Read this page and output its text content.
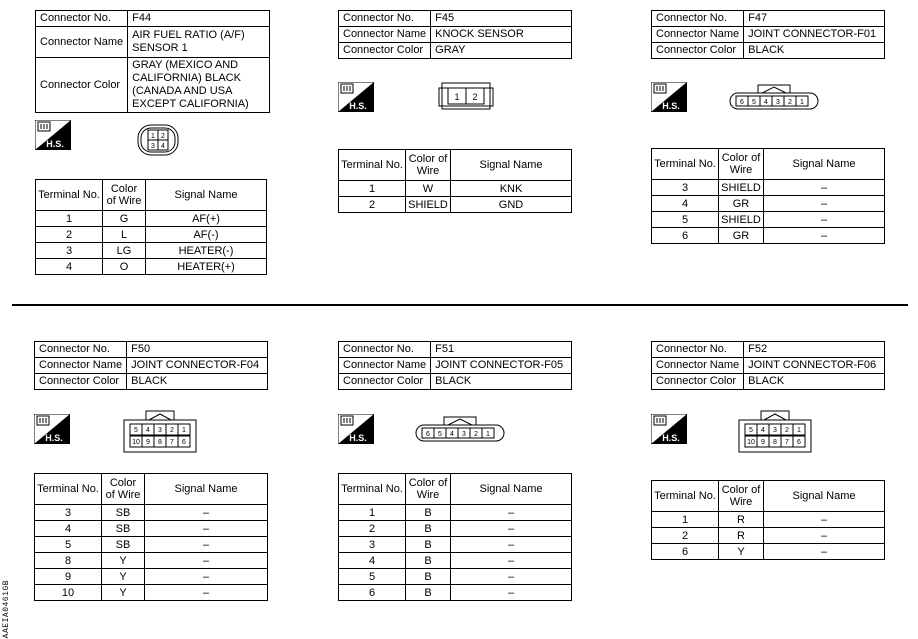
Connector No.	F44
Connector Name	AIR FUEL RATIO (A/F) SENSOR 1
Connector Color	GRAY (MEXICO AND CALIFORNIA) BLACK (CANADA AND USA EXCEPT CALIFORNIA)
H.S.
1 2
3 4
Terminal No.	Color of Wire	Signal Name
1	G	AF(+)
2	L	AF(-)
3	LG	HEATER(-)
4	O	HEATER(+)
Connector No.	F45
Connector Name	KNOCK SENSOR
Connector Color	GRAY
H.S.
1 2
Terminal No.	Color of Wire	Signal Name
1	W	KNK
2	SHIELD	GND
Connector No.	F47
Connector Name	JOINT CONNECTOR-F01
Connector Color	BLACK
H.S.	6 5 4 3 2 1
Terminal No.	Color of Wire	Signal Name
3	SHIELD	–
4	GR	–
5	SHIELD	–
6	GR	–
Connector No.	F50
Connector Name	JOINT CONNECTOR-F04
Connector Color	BLACK
H.S.
5 4 3 2 1
10 9 8 7 6
Terminal No.	Color of Wire	Signal Name
3	SB	–
4	SB	–
5	SB	–
8	Y	–
9	Y	–
10	Y	–
Connector No.	F51
Connector Name	JOINT CONNECTOR-F05
Connector Color	BLACK
H.S.	6 5 4 3 2 1
Terminal No.	Color of Wire	Signal Name
1	B	–
2	B	–
3	B	–
4	B	–
5	B	–
6	B	–
Connector No.	F52
Connector Name	JOINT CONNECTOR-F06
Connector Color	BLACK
H.S.
5 4 3 2 1
10 9 8 7 6
Terminal No.	Color of Wire	Signal Name
1	R	–
2	R	–
6	Y	–
AAEIA0461GB
